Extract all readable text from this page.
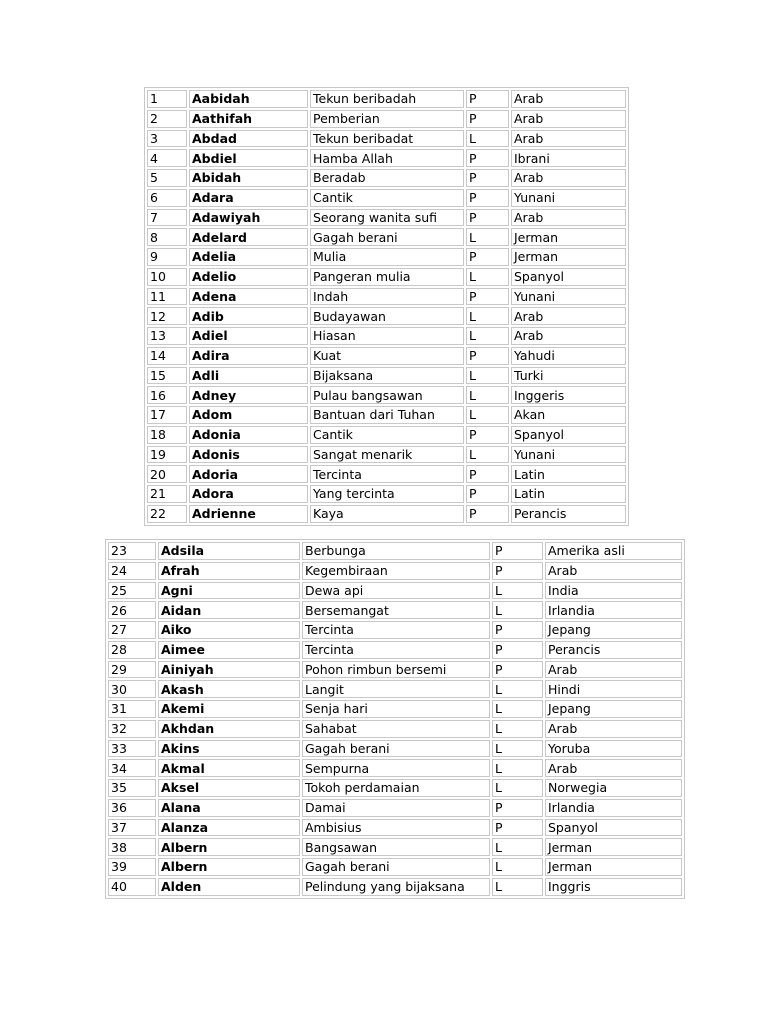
1	Aabidah	Tekun beribadah	P	Arab
2	Aathifah	Pemberian	P	Arab
3	Abdad	Tekun beribadat	L	Arab
4	Abdiel	Hamba Allah	P	Ibrani
5	Abidah	Beradab	P	Arab
6	Adara	Cantik	P	Yunani
7	Adawiyah	Seorang wanita sufi	P	Arab
8	Adelard	Gagah berani	L	Jerman
9	Adelia	Mulia	P	Jerman
10	Adelio	Pangeran mulia	L	Spanyol
11	Adena	Indah	P	Yunani
12	Adib	Budayawan	L	Arab
13	Adiel	Hiasan	L	Arab
14	Adira	Kuat	P	Yahudi
15	Adli	Bijaksana	L	Turki
16	Adney	Pulau bangsawan	L	Inggeris
17	Adom	Bantuan dari Tuhan	L	Akan
18	Adonia	Cantik	P	Spanyol
19	Adonis	Sangat menarik	L	Yunani
20	Adoria	Tercinta	P	Latin
21	Adora	Yang tercinta	P	Latin
22	Adrienne	Kaya	P	Perancis
23	Adsila	Berbunga	P	Amerika asli
24	Afrah	Kegembiraan	P	Arab
25	Agni	Dewa api	L	India
26	Aidan	Bersemangat	L	Irlandia
27	Aiko	Tercinta	P	Jepang
28	Aimee	Tercinta	P	Perancis
29	Ainiyah	Pohon rimbun bersemi	P	Arab
30	Akash	Langit	L	Hindi
31	Akemi	Senja hari	L	Jepang
32	Akhdan	Sahabat	L	Arab
33	Akins	Gagah berani	L	Yoruba
34	Akmal	Sempurna	L	Arab
35	Aksel	Tokoh perdamaian	L	Norwegia
36	Alana	Damai	P	Irlandia
37	Alanza	Ambisius	P	Spanyol
38	Albern	Bangsawan	L	Jerman
39	Albern	Gagah berani	L	Jerman
40	Alden	Pelindung yang bijaksana	L	Inggris
